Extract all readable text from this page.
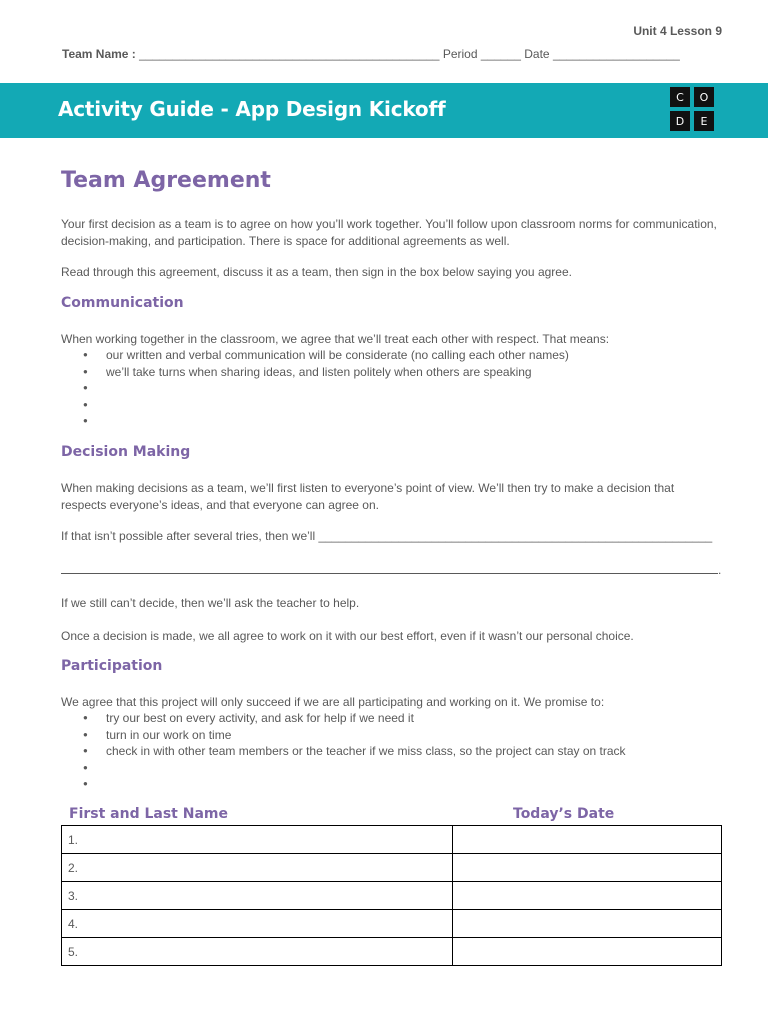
Unit 4 Lesson 9
Team Name : _____________________________________________ Period ______ Date ___________________
Activity Guide - App Design Kickoff	C	O
D	E
Team Agreement

Your first decision as a team is to agree on how you’ll work together. You’ll follow upon classroom norms for communication, decision-making, and participation. There is space for additional agreements as well.

Read through this agreement, discuss it as a team, then sign in the box below saying you agree.

Communication

When working together in the classroom, we agree that we’ll treat each other with respect. That means:

● our written and verbal communication will be considerate (no calling each other names)
● we’ll take turns when sharing ideas, and listen politely when others are speaking
●
●
●
Decision Making

When making decisions as a team, we’ll first listen to everyone’s point of view. We’ll then try to make a decision that respects everyone’s ideas, and that everyone can agree on.

If that isn’t possible after several tries, then we’ll ___________________________________________________________

.

If we still can’t decide, then we’ll ask the teacher to help.

Once a decision is made, we all agree to work on it with our best effort, even if it wasn’t our personal choice.

Participation

We agree that this project will only succeed if we are all participating and working on it. We promise to:

● try our best on every activity, and ask for help if we need it
● turn in our work on time
● check in with other team members or the teacher if we miss class, so the project can stay on track
●
●
First and Last Name	Today’s Date
1.	
2.	
3.	
4.	
5.	
